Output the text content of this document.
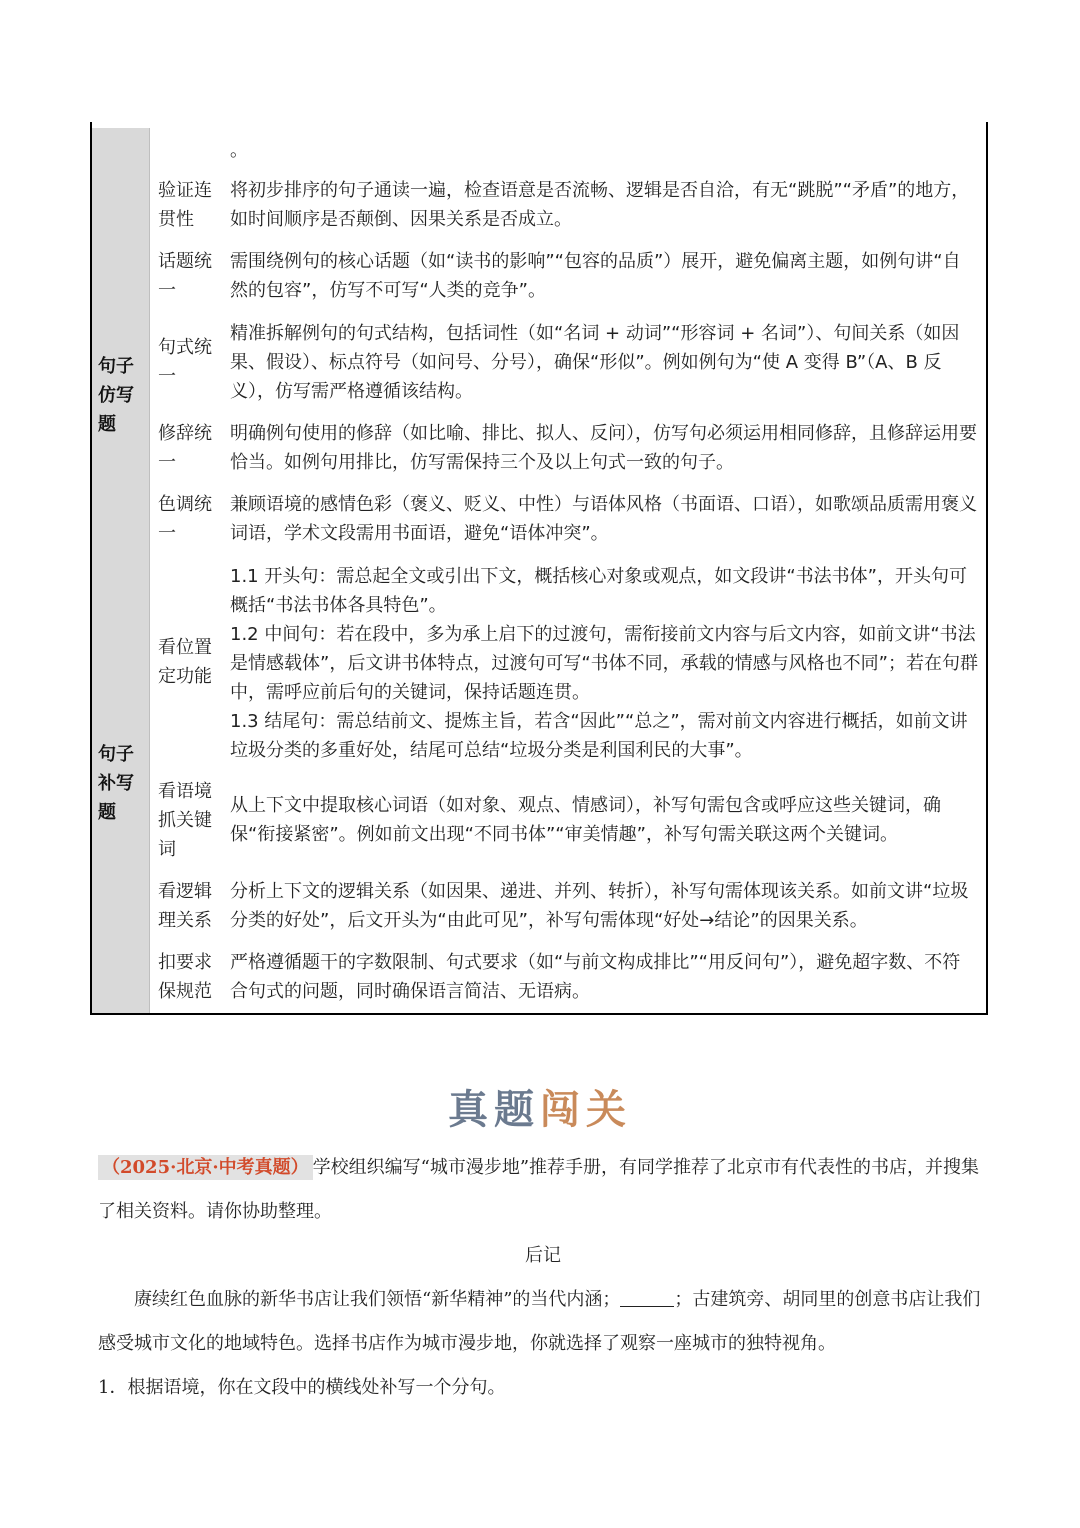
句子仿写题
句子补写题
。
验证连贯性
将初步排序的句子通读一遍，检查语意是否流畅、逻辑是否自洽，有无“跳脱”“矛盾”的地方，如时间顺序是否颠倒、因果关系是否成立。
话题统一
需围绕例句的核心话题（如“读书的影响”“包容的品质”）展开，避免偏离主题，如例句讲“自然的包容”，仿写不可写“人类的竞争”。
句式统一
精准拆解例句的句式结构，包括词性（如“名词 + 动词”“形容词 + 名词”）、句间关系（如因果、假设）、标点符号（如问号、分号），确保“形似”。例如例句为“使 A 变得 B”（A、B 反义），仿写需严格遵循该结构。
修辞统一
明确例句使用的修辞（如比喻、排比、拟人、反问），仿写句必须运用相同修辞，且修辞运用要恰当。如例句用排比，仿写需保持三个及以上句式一致的句子。
色调统一
兼顾语境的感情色彩（褒义、贬义、中性）与语体风格（书面语、口语），如歌颂品质需用褒义词语，学术文段需用书面语，避免“语体冲突”。
看位置定功能

1.1 开头句：需总起全文或引出下文，概括核心对象或观点，如文段讲“书法书体”，开头句可概括“书法书体各具特色”。

1.2 中间句：若在段中，多为承上启下的过渡句，需衔接前文内容与后文内容，如前文讲“书法是情感载体”，后文讲书体特点，过渡句可写“书体不同，承载的情感与风格也不同”；若在句群中，需呼应前后句的关键词，保持话题连贯。

1.3 结尾句：需总结前文、提炼主旨，若含“因此”“总之”，需对前文内容进行概括，如前文讲垃圾分类的多重好处，结尾可总结“垃圾分类是利国利民的大事”。

看语境抓关键词
从上下文中提取核心词语（如对象、观点、情感词），补写句需包含或呼应这些关键词，确保“衔接紧密”。例如前文出现“不同书体”“审美情趣”，补写句需关联这两个关键词。
看逻辑理关系
分析上下文的逻辑关系（如因果、递进、并列、转折），补写句需体现该关系。如前文讲“垃圾分类的好处”，后文开头为“由此可见”，补写句需体现“好处→结论”的因果关系。
扣要求保规范
严格遵循题干的字数限制、句式要求（如“与前文构成排比”“用反问句”），避免超字数、不符合句式的问题，同时确保语言简洁、无语病。
真题闯关
（2025·北京·中考真题） 学校组织编写“城市漫步地”推荐手册，有同学推荐了北京市有代表性的书店，并搜集了相关资料。请你协助整理。
后记
赓续红色血脉的新华书店让我们领悟“新华精神”的当代内涵；	；古建筑旁、胡同里的创意书店让我们感受城市文化的地域特色。选择书店作为城市漫步地，你就选择了观察一座城市的独特视角。
1．根据语境，你在文段中的横线处补写一个分句。
